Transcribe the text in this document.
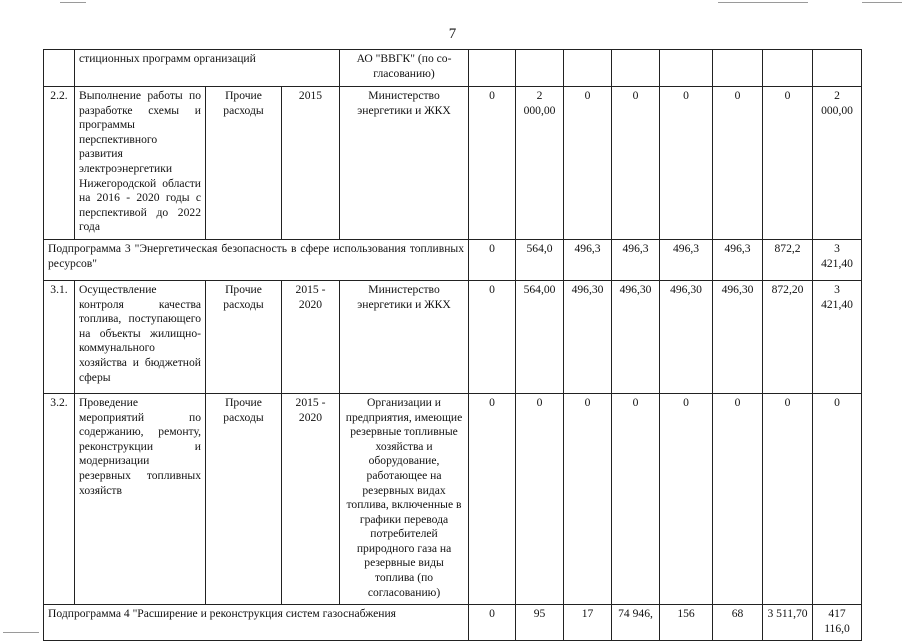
7
	стиционных программ организаций			АО "ВВГК" (по со-гласованию)								
2.2.	Выполнение работы по разработке схемы и программы перспективного развития электроэнергетики Нижегородской области на 2016 - 2020 годы с перспективой до 2022 года	Прочие расходы	2015	Министерство энергетики и ЖКХ	0	2 000,00	0	0	0	0	0	2 000,00
Подпрограмма 3 "Энергетическая безопасность в сфере использования топливных ресурсов"					0	564,0	496,3	496,3	496,3	496,3	872,2	3 421,40
3.1.	Осуществление контроля качества топлива, поступающего на объекты жилищно-коммунального хозяйства и бюджетной сферы	Прочие расходы	2015 - 2020	Министерство энергетики и ЖКХ	0	564,00	496,30	496,30	496,30	496,30	872,20	3 421,40
3.2.	Проведение мероприятий по содержанию, ремонту, реконструкции и модернизации резервных топливных хозяйств	Прочие расходы	2015 - 2020	Организации и предприятия, имеющие резервные топливные хозяйства и оборудование, работающее на резервных видах топлива, включенные в графики перевода потребителей природного газа на резервные виды топлива (по согласованию)	0	0	0	0	0	0	0	0
Подпрограмма 4 "Расширение и реконструкция систем газоснабжения					0	95	17	74 946,	156	68	3 511,70	417 116,0
